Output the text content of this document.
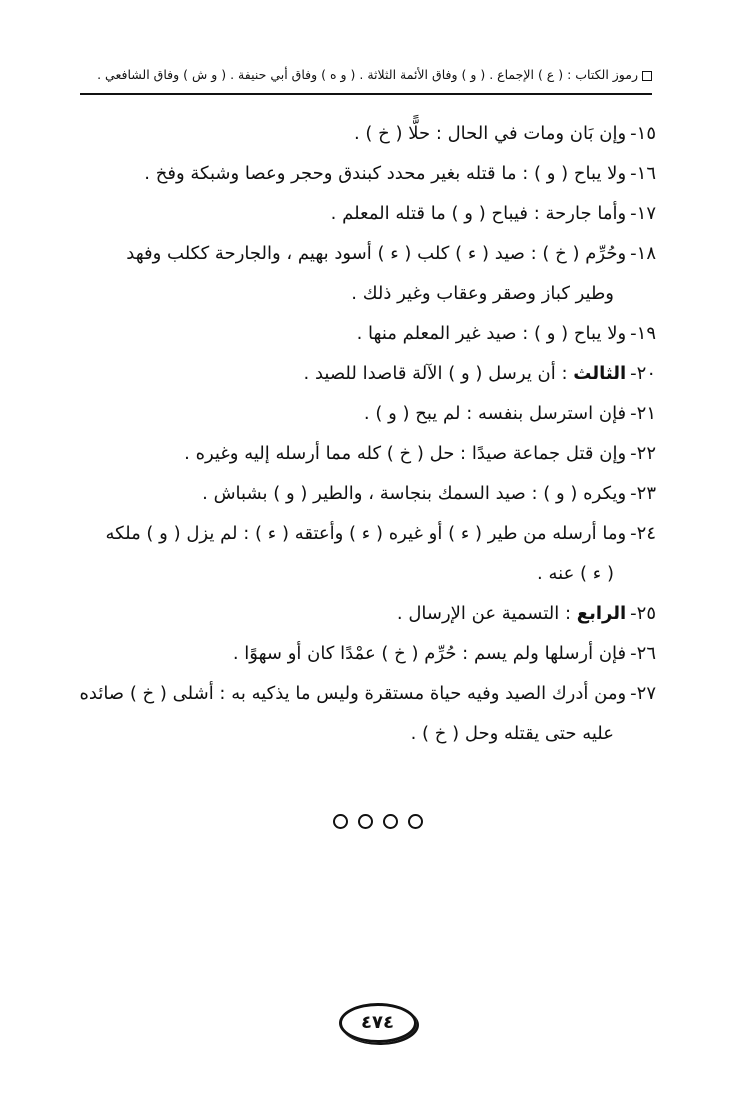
رموز الكتاب : ( ع ) الإجماع . ( و ) وفاق الأئمة الثلاثة . ( و ه ) وفاق أبي حنيفة . ( و ش ) وفاق الشافعي .
١٥-وإن بَان ومات في الحال : حلًّا ( خ ) .
١٦-ولا يباح ( و ) : ما قتله بغير محدد كبندق وحجر وعصا وشبكة وفخ .
١٧-وأما جارحة : فيباح ( و ) ما قتله المعلم .
١٨-وحُرِّم ( خ ) : صيد ( ء ) كلب ( ء ) أسود بهيم ، والجارحة ككلب وفهد
وطير كباز وصقر وعقاب وغير ذلك .
١٩-ولا يباح ( و ) : صيد غير المعلم منها .
٢٠-الثالث : أن يرسل ( و ) الآلة قاصدا للصيد .
٢١-فإن استرسل بنفسه : لم يبح ( و ) .
٢٢-وإن قتل جماعة صيدًا : حل ( خ ) كله مما أرسله إليه وغيره .
٢٣-ويكره ( و ) : صيد السمك بنجاسة ، والطير ( و ) بشباش .
٢٤-وما أرسله من طير ( ء ) أو غيره ( ء ) وأعتقه ( ء ) : لم يزل ( و ) ملكه
( ء ) عنه .
٢٥-الرابع : التسمية عن الإرسال .
٢٦-فإن أرسلها ولم يسم : حُرِّم ( خ ) عمْدًا كان أو سهوًا .
٢٧-ومن أدرك الصيد وفيه حياة مستقرة وليس ما يذكيه به : أشلى ( خ ) صائده
عليه حتى يقتله وحل ( خ ) .
٤٧٤
